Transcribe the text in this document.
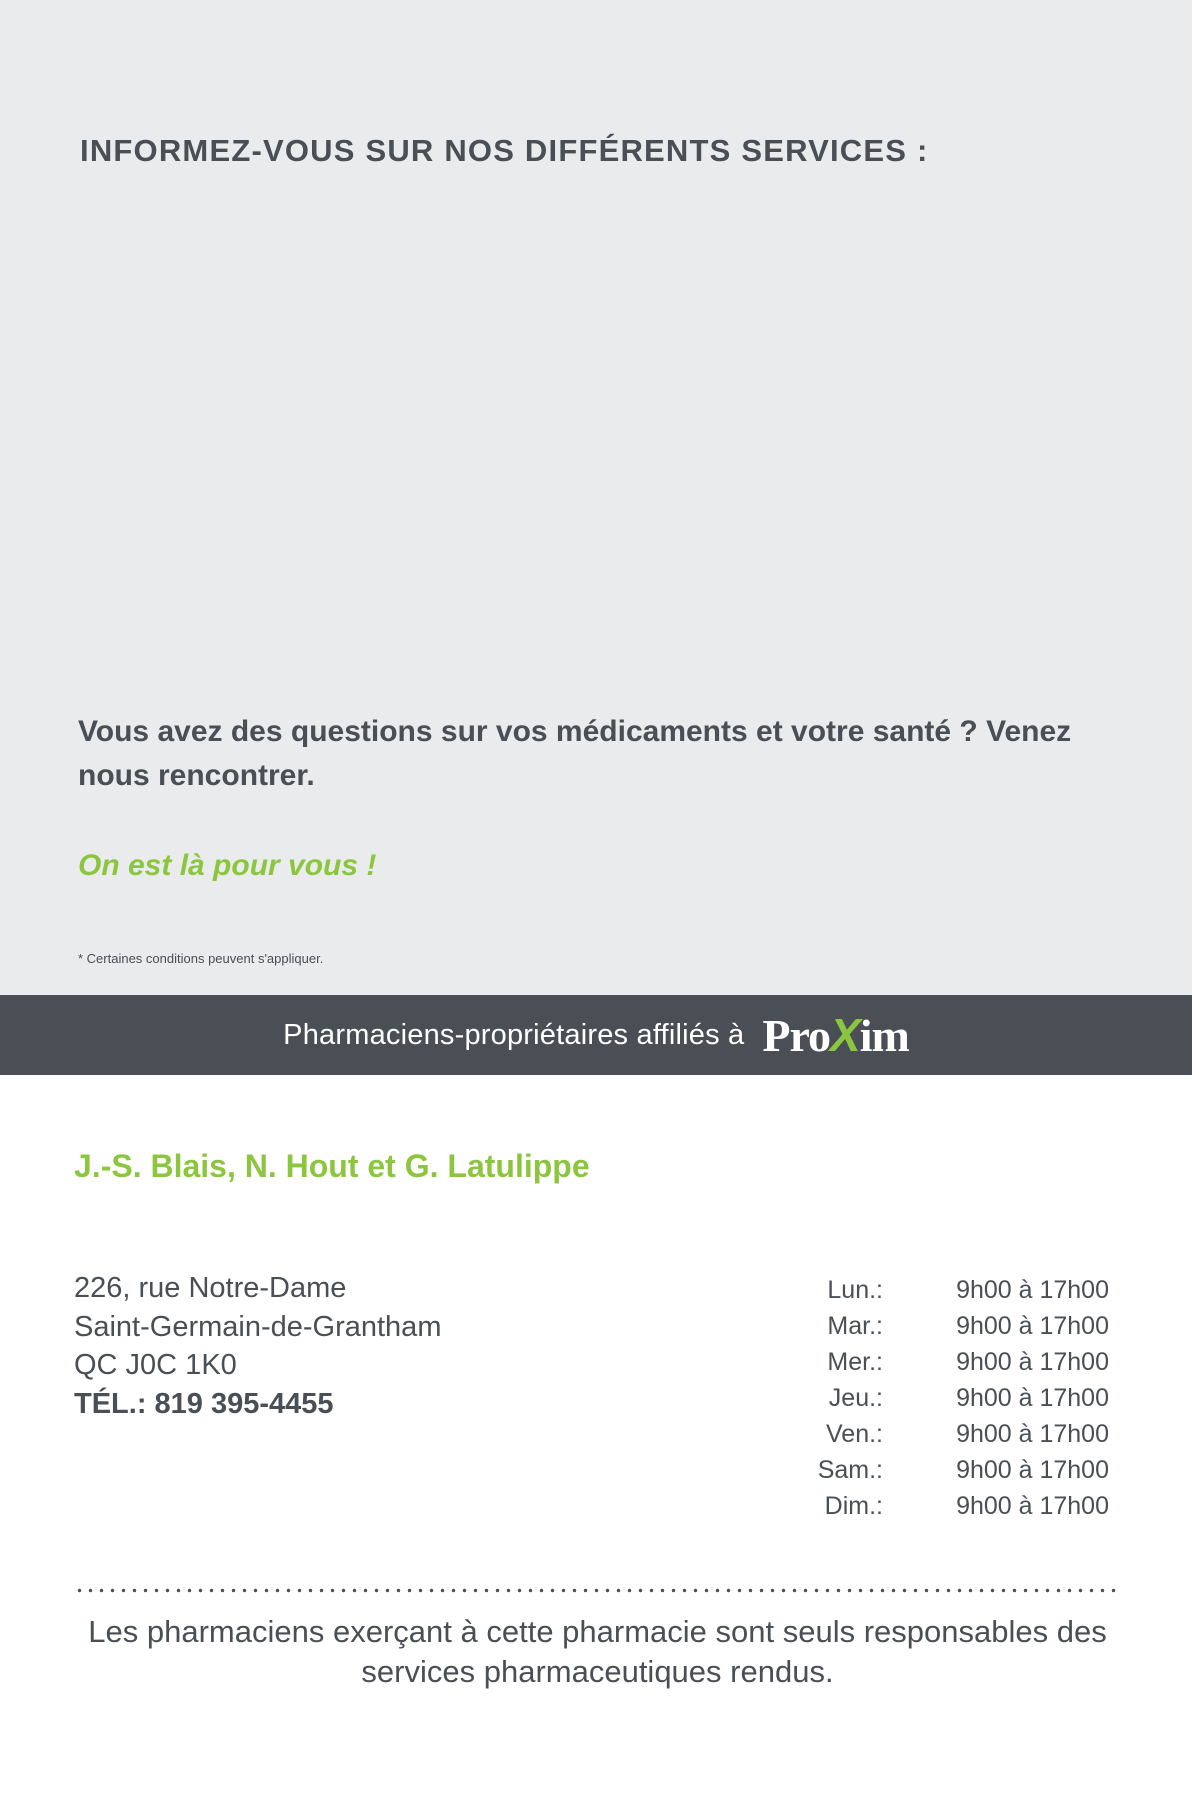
INFORMEZ-VOUS SUR NOS DIFFÉRENTS SERVICES :
Vous avez des questions sur vos médicaments et votre santé ? Venez nous rencontrer.
On est là pour vous !
* Certaines conditions peuvent s'appliquer.
Pharmaciens-propriétaires affiliés à ProXim
J.-S. Blais, N. Hout et G. Latulippe
226, rue Notre-Dame
Saint-Germain-de-Grantham
QC J0C 1K0
TÉL.: 819 395-4455
Lun.:	9h00 à 17h00
Mar.:	9h00 à 17h00
Mer.:	9h00 à 17h00
Jeu.:	9h00 à 17h00
Ven.:	9h00 à 17h00
Sam.:	9h00 à 17h00
Dim.:	9h00 à 17h00
Les pharmaciens exerçant à cette pharmacie sont seuls responsables des services pharmaceutiques rendus.
